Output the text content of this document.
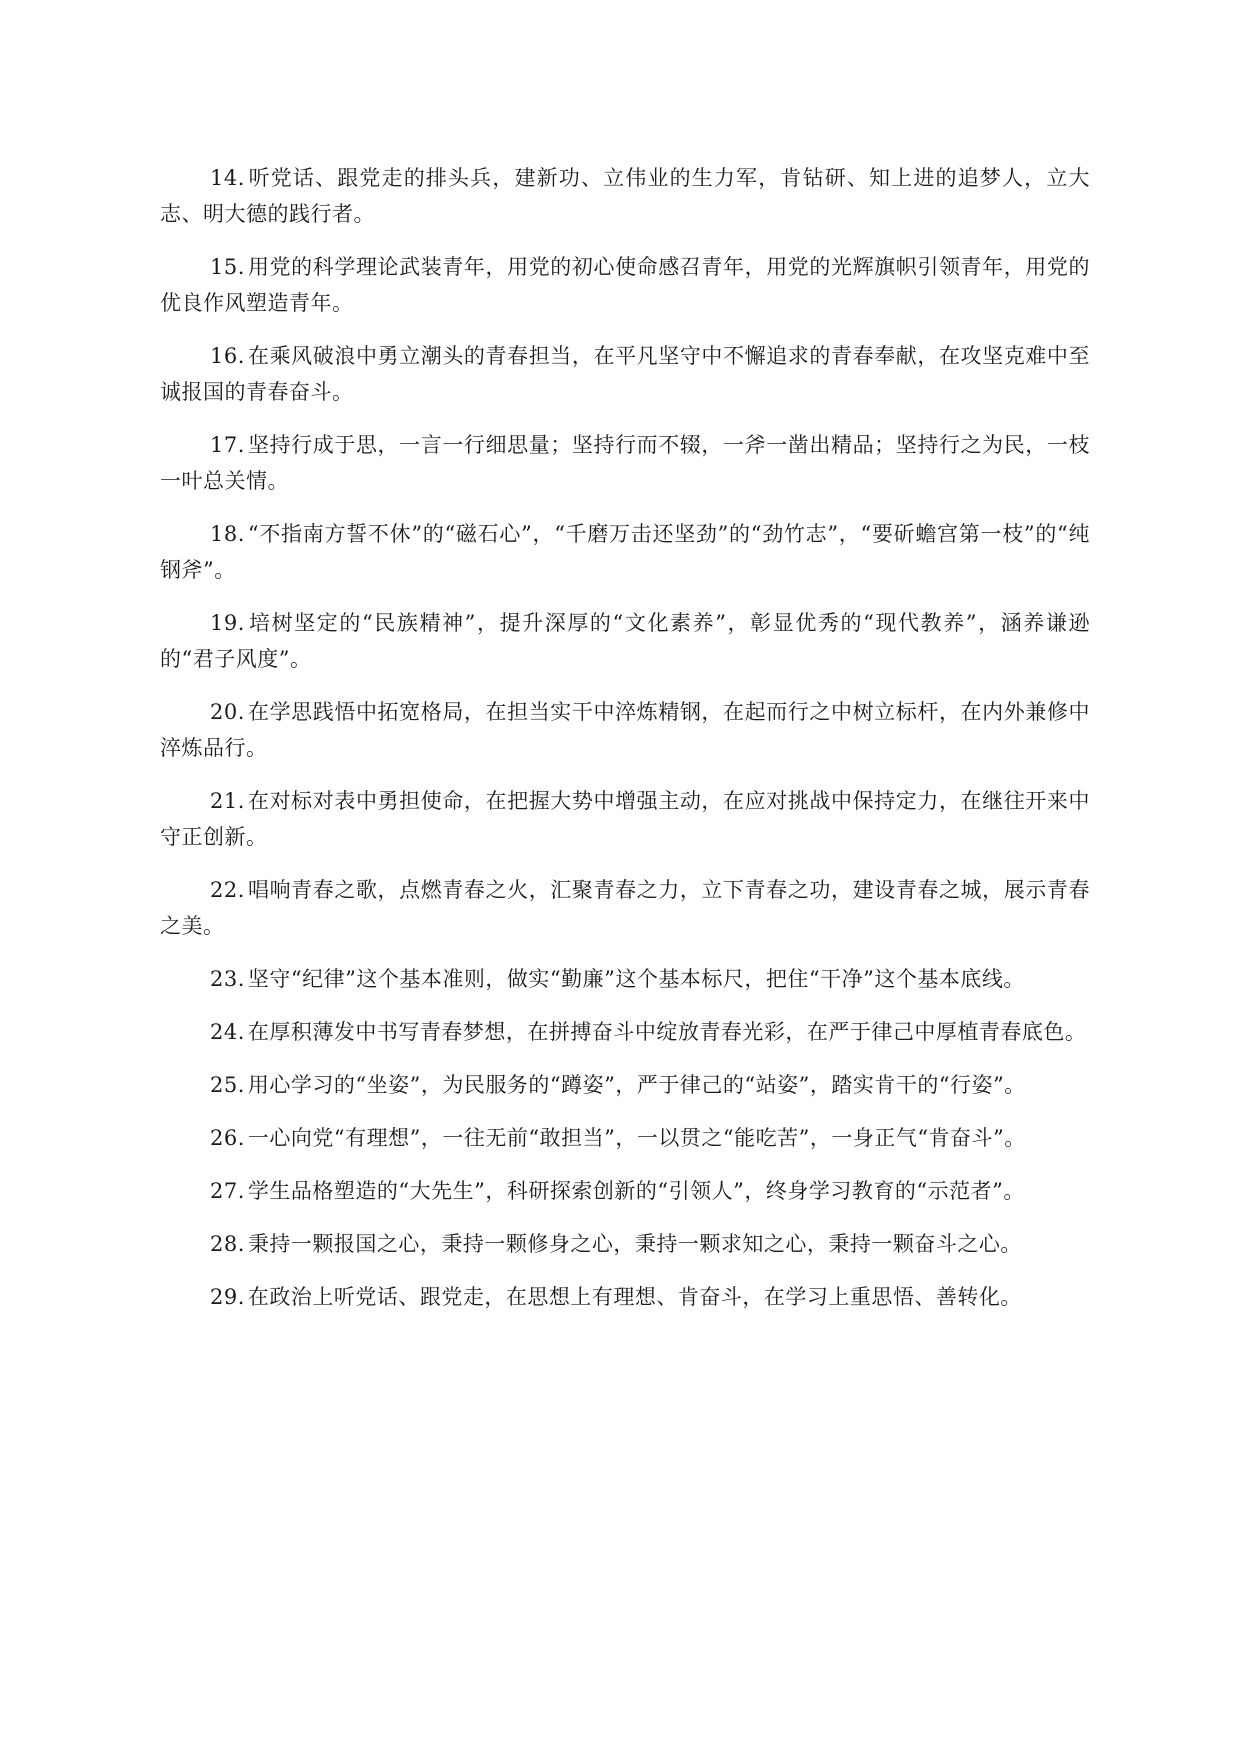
14. 听党话、跟党走的排头兵，建新功、立伟业的生力军，肯钻研、知上进的追梦人，立大志、明大德的践行者。

15. 用党的科学理论武装青年，用党的初心使命感召青年，用党的光辉旗帜引领青年，用党的优良作风塑造青年。

16. 在乘风破浪中勇立潮头的青春担当，在平凡坚守中不懈追求的青春奉献，在攻坚克难中至诚报国的青春奋斗。

17. 坚持行成于思，一言一行细思量；坚持行而不辍，一斧一凿出精品；坚持行之为民，一枝一叶总关情。

18. “不指南方誓不休”的“磁石心”，“千磨万击还坚劲”的“劲竹志”，“要斫蟾宫第一枝”的“纯钢斧”。

19. 培树坚定的“民族精神”，提升深厚的“文化素养”，彰显优秀的“现代教养”，涵养谦逊的“君子风度”。

20. 在学思践悟中拓宽格局，在担当实干中淬炼精钢，在起而行之中树立标杆，在内外兼修中淬炼品行。

21. 在对标对表中勇担使命，在把握大势中增强主动，在应对挑战中保持定力，在继往开来中守正创新。

22. 唱响青春之歌，点燃青春之火，汇聚青春之力，立下青春之功，建设青春之城，展示青春之美。

23. 坚守“纪律”这个基本准则，做实“勤廉”这个基本标尺，把住“干净”这个基本底线。

24. 在厚积薄发中书写青春梦想，在拼搏奋斗中绽放青春光彩，在严于律己中厚植青春底色。

25. 用心学习的“坐姿”，为民服务的“蹲姿”，严于律己的“站姿”，踏实肯干的“行姿”。

26. 一心向党“有理想”，一往无前“敢担当”，一以贯之“能吃苦”，一身正气“肯奋斗”。

27. 学生品格塑造的“大先生”，科研探索创新的“引领人”，终身学习教育的“示范者”。

28. 秉持一颗报国之心，秉持一颗修身之心，秉持一颗求知之心，秉持一颗奋斗之心。

29. 在政治上听党话、跟党走，在思想上有理想、肯奋斗，在学习上重思悟、善转化。
